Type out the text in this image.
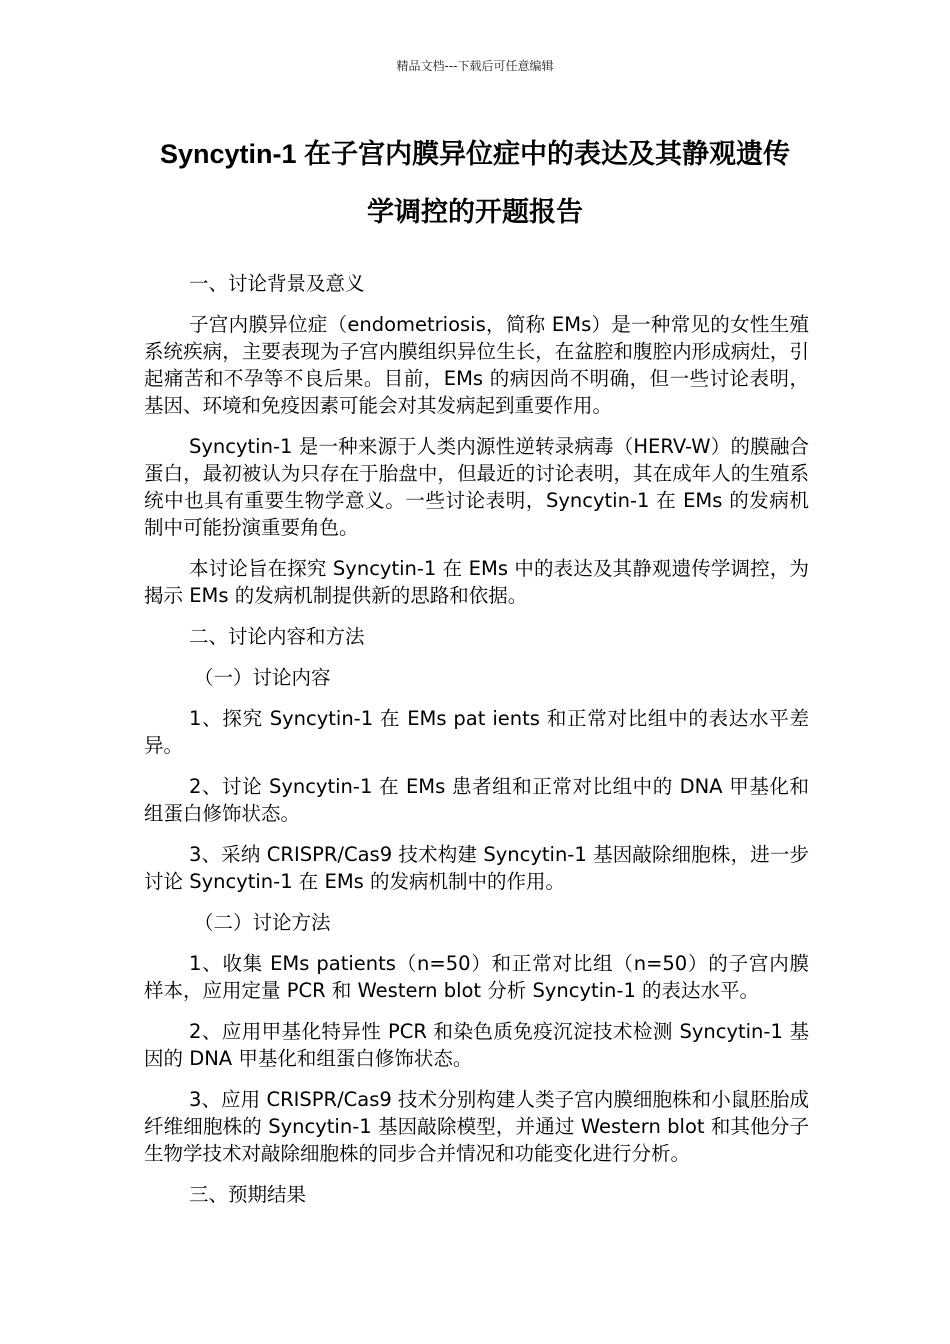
精品文档---下载后可任意编辑
Syncytin-1 在子宫内膜异位症中的表达及其静观遗传
学调控的开题报告
一、讨论背景及意义
子宫内膜异位症（endometriosis，简称 EMs）是一种常见的女性生殖系统疾病，主要表现为子宫内膜组织异位生长，在盆腔和腹腔内形成病灶，引起痛苦和不孕等不良后果。目前，EMs 的病因尚不明确，但一些讨论表明，基因、环境和免疫因素可能会对其发病起到重要作用。
Syncytin-1 是一种来源于人类内源性逆转录病毒（HERV-W）的膜融合蛋白，最初被认为只存在于胎盘中，但最近的讨论表明，其在成年人的生殖系统中也具有重要生物学意义。一些讨论表明，Syncytin-1 在 EMs 的发病机制中可能扮演重要角色。
本讨论旨在探究 Syncytin-1 在 EMs 中的表达及其静观遗传学调控，为揭示 EMs 的发病机制提供新的思路和依据。
二、讨论内容和方法
（一）讨论内容
1、探究 Syncytin-1 在 EMs pat ients 和正常对比组中的表达水平差异。
2、讨论 Syncytin-1 在 EMs 患者组和正常对比组中的 DNA 甲基化和组蛋白修饰状态。
3、采纳 CRISPR/Cas9 技术构建 Syncytin-1 基因敲除细胞株，进一步讨论 Syncytin-1 在 EMs 的发病机制中的作用。
（二）讨论方法
1、收集 EMs patients（n=50）和正常对比组（n=50）的子宫内膜样本，应用定量 PCR 和 Western blot 分析 Syncytin-1 的表达水平。
2、应用甲基化特异性 PCR 和染色质免疫沉淀技术检测 Syncytin-1 基因的 DNA 甲基化和组蛋白修饰状态。
3、应用 CRISPR/Cas9 技术分别构建人类子宫内膜细胞株和小鼠胚胎成纤维细胞株的 Syncytin-1 基因敲除模型，并通过 Western blot 和其他分子生物学技术对敲除细胞株的同步合并情况和功能变化进行分析。
三、预期结果
